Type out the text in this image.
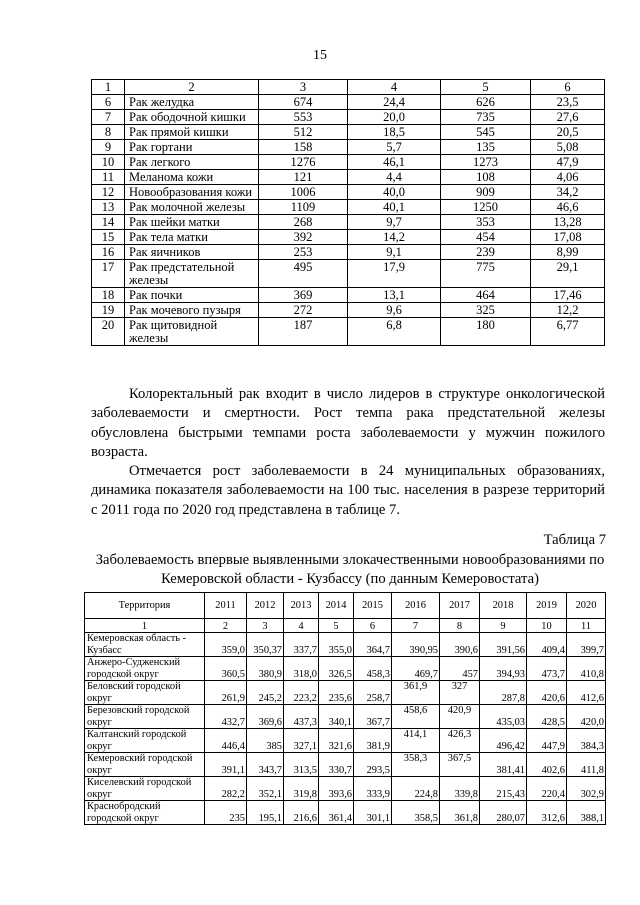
15
1	2	3	4	5	6
6	Рак желудка	674	24,4	626	23,5
7	Рак ободочной кишки	553	20,0	735	27,6
8	Рак прямой кишки	512	18,5	545	20,5
9	Рак гортани	158	5,7	135	5,08
10	Рак легкого	1276	46,1	1273	47,9
11	Меланома кожи	121	4,4	108	4,06
12	Новообразования кожи	1006	40,0	909	34,2
13	Рак молочной железы	1109	40,1	1250	46,6
14	Рак шейки матки	268	9,7	353	13,28
15	Рак тела матки	392	14,2	454	17,08
16	Рак яичников	253	9,1	239	8,99
17	Рак предстательной железы	495	17,9	775	29,1
18	Рак почки	369	13,1	464	17,46
19	Рак мочевого пузыря	272	9,6	325	12,2
20	Рак щитовидной железы	187	6,8	180	6,77
Колоректальный рак входит в число лидеров в структуре онкологической заболеваемости и смертности. Рост темпа рака предстательной железы обусловлена быстрыми темпами роста заболеваемости у мужчин пожилого возраста.
Отмечается рост заболеваемости в 24 муниципальных образованиях, динамика показателя заболеваемости на 100 тыс. населения в разрезе территорий с 2011 года по 2020 год представлена в таблице 7.
Таблица 7
Заболеваемость впервые выявленными злокачественными новообразованиями по Кемеровской области - Кузбассу (по данным Кемеровостата)
Территория	2011	2012	2013	2014	2015	2016	2017	2018	2019	2020
1	2	3	4	5	6	7	8	9	10	11
Кемеровская область - Кузбасс	359,0	350,37	337,7	355,0	364,7	390,95	390,6	391,56	409,4	399,7
Анжеро-Судженский городской округ	360,5	380,9	318,0	326,5	458,3	469,7	457	394,93	473,7	410,8
Беловский городской округ	261,9	245,2	223,2	235,6	258,7	361,9	327	287,8	420,6	412,6
Березовский городской округ	432,7	369,6	437,3	340,1	367,7	458,6	420,9	435,03	428,5	420,0
Калтанский городской округ	446,4	385	327,1	321,6	381,9	414,1	426,3	496,42	447,9	384,3
Кемеровский городской округ	391,1	343,7	313,5	330,7	293,5	358,3	367,5	381,41	402,6	411,8
Киселевский городской округ	282,2	352,1	319,8	393,6	333,9	224,8	339,8	215,43	220,4	302,9
Краснобродский городской округ	235	195,1	216,6	361,4	301,1	358,5	361,8	280,07	312,6	388,1
